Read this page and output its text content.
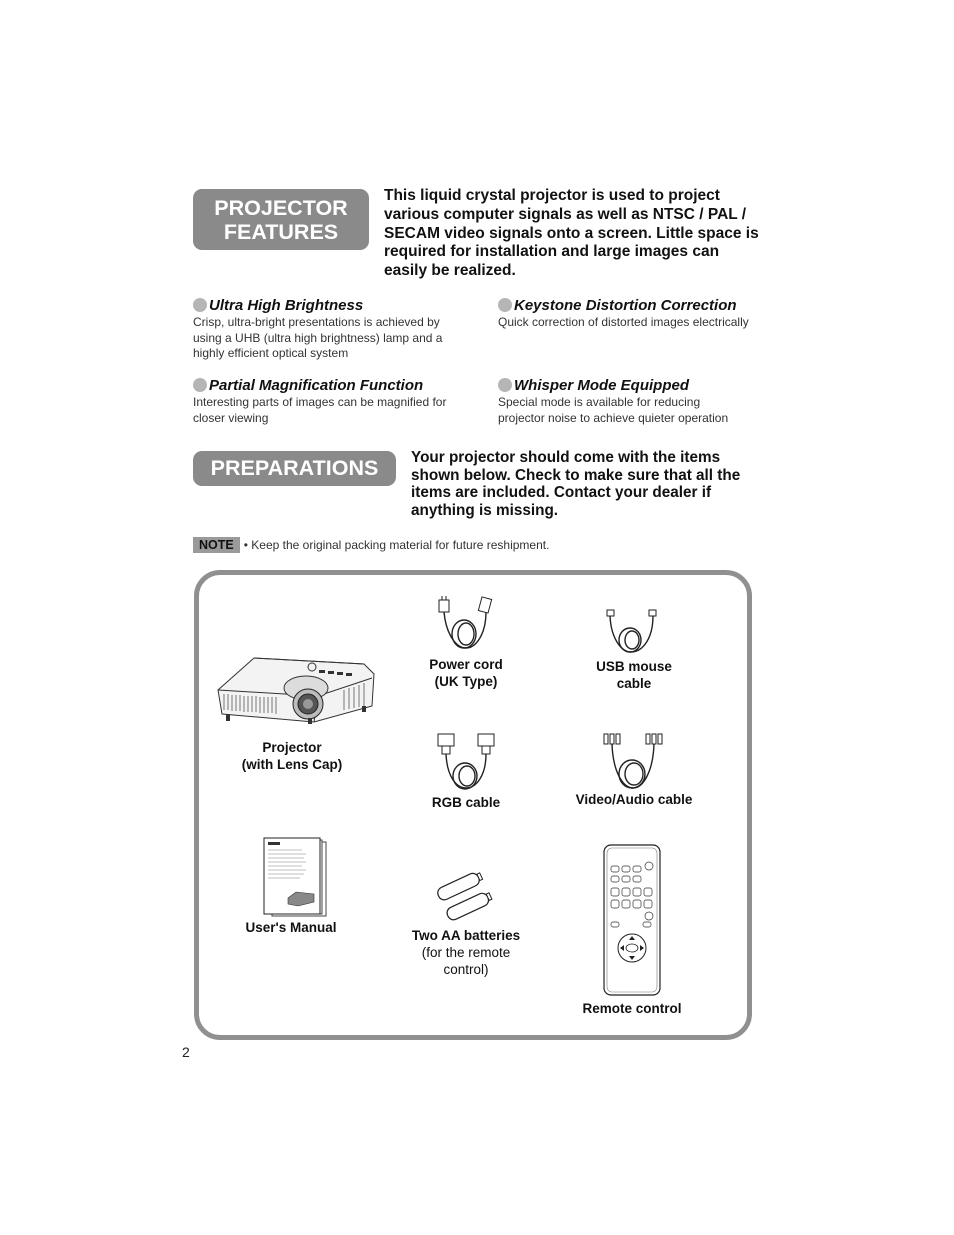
PROJECTOR
FEATURES
This liquid crystal projector is used to project various computer signals as well as NTSC / PAL / SECAM video signals onto a screen. Little space is required for installation and large images can easily be realized.
Ultra High Brightness
Crisp, ultra-bright presentations is achieved by using a UHB (ultra high brightness) lamp and a highly efficient optical system
Keystone Distortion Correction
Quick correction of distorted images electrically
Partial Magnification Function
Interesting parts of images can be magnified for closer viewing
Whisper Mode Equipped
Special mode is available for reducing projector noise to achieve quieter operation
PREPARATIONS	Your projector should come with the items shown below. Check to make sure that all the items are included. Contact your dealer if anything is missing.
NOTE • Keep the original packing material for future reshipment.
Projector
(with Lens Cap)
Power cord
(UK Type)
USB mouse
cable
RGB cable	Video/Audio cable
User's Manual
Two AA batteries
(for the remote
control)
Remote control
2
